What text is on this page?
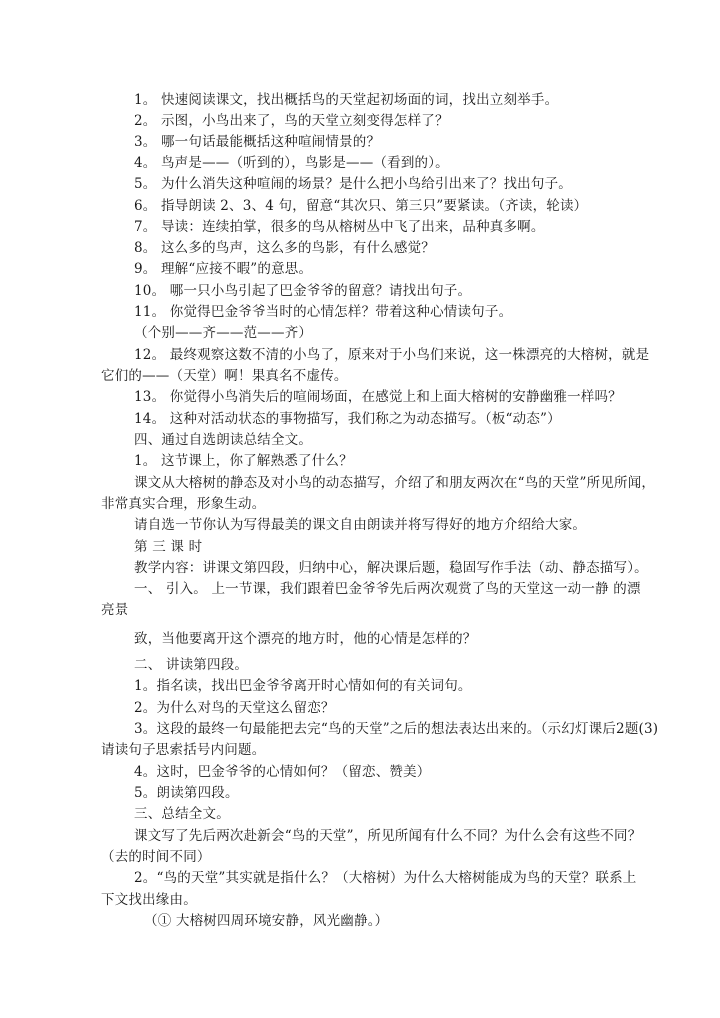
1。 快速阅读课文，找出概括鸟的天堂起初场面的词，找出立刻举手。
2。 示图，小鸟出来了，鸟的天堂立刻变得怎样了？
3。 哪一句话最能概括这种喧闹情景的？
4。 鸟声是——（听到的），鸟影是——（看到的）。
5。 为什么消失这种喧闹的场景？是什么把小鸟给引出来了？找出句子。
6。 指导朗读 2、3、4 句，留意“其次只、第三只”要紧读。（齐读，轮读）
7。 导读：连续拍掌，很多的鸟从榕树丛中飞了出来，品种真多啊。
8。 这么多的鸟声，这么多的鸟影，有什么感觉？
9。 理解“应接不暇”的意思。
10。 哪一只小鸟引起了巴金爷爷的留意？请找出句子。
11。 你觉得巴金爷爷当时的心情怎样？带着这种心情读句子。
（个别——齐——范——齐）
12。 最终观察这数不清的小鸟了，原来对于小鸟们来说，这一株漂亮的大榕树，就是
它们的——（天堂）啊！果真名不虚传。
13。 你觉得小鸟消失后的喧闹场面，在感觉上和上面大榕树的安静幽雅一样吗？
14。 这种对活动状态的事物描写，我们称之为动态描写。（板“动态”）
四、通过自选朗读总结全文。
1。 这节课上，你了解熟悉了什么？
课文从大榕树的静态及对小鸟的动态描写，介绍了和朋友两次在“鸟的天堂”所见所闻，
非常真实合理，形象生动。
请自选一节你认为写得最美的课文自由朗读并将写得好的地方介绍给大家。
第 三 课 时
教学内容：讲课文第四段，归纳中心，解决课后题，稳固写作手法（动、静态描写）。
一、 引入。 上一节课，我们跟着巴金爷爷先后两次观赏了鸟的天堂这一动一静 的漂
亮景
致，当他要离开这个漂亮的地方时，他的心情是怎样的？
二、 讲读第四段。
1。指名读，找出巴金爷爷离开时心情如何的有关词句。
2。为什么对鸟的天堂这么留恋？
3。这段的最终一句最能把去完“鸟的天堂”之后的想法表达出来的。（示幻灯课后2题(3)
请读句子思索括号内问题。
4。这时，巴金爷爷的心情如何？（留恋、赞美）
5。朗读第四段。
三、总结全文。
课文写了先后两次赴新会“鸟的天堂”，所见所闻有什么不同？为什么会有这些不同？
（去的时间不同）
2。“鸟的天堂”其实就是指什么？（大榕树）为什么大榕树能成为鸟的天堂？联系上
下文找出缘由。
（① 大榕树四周环境安静，风光幽静。）
